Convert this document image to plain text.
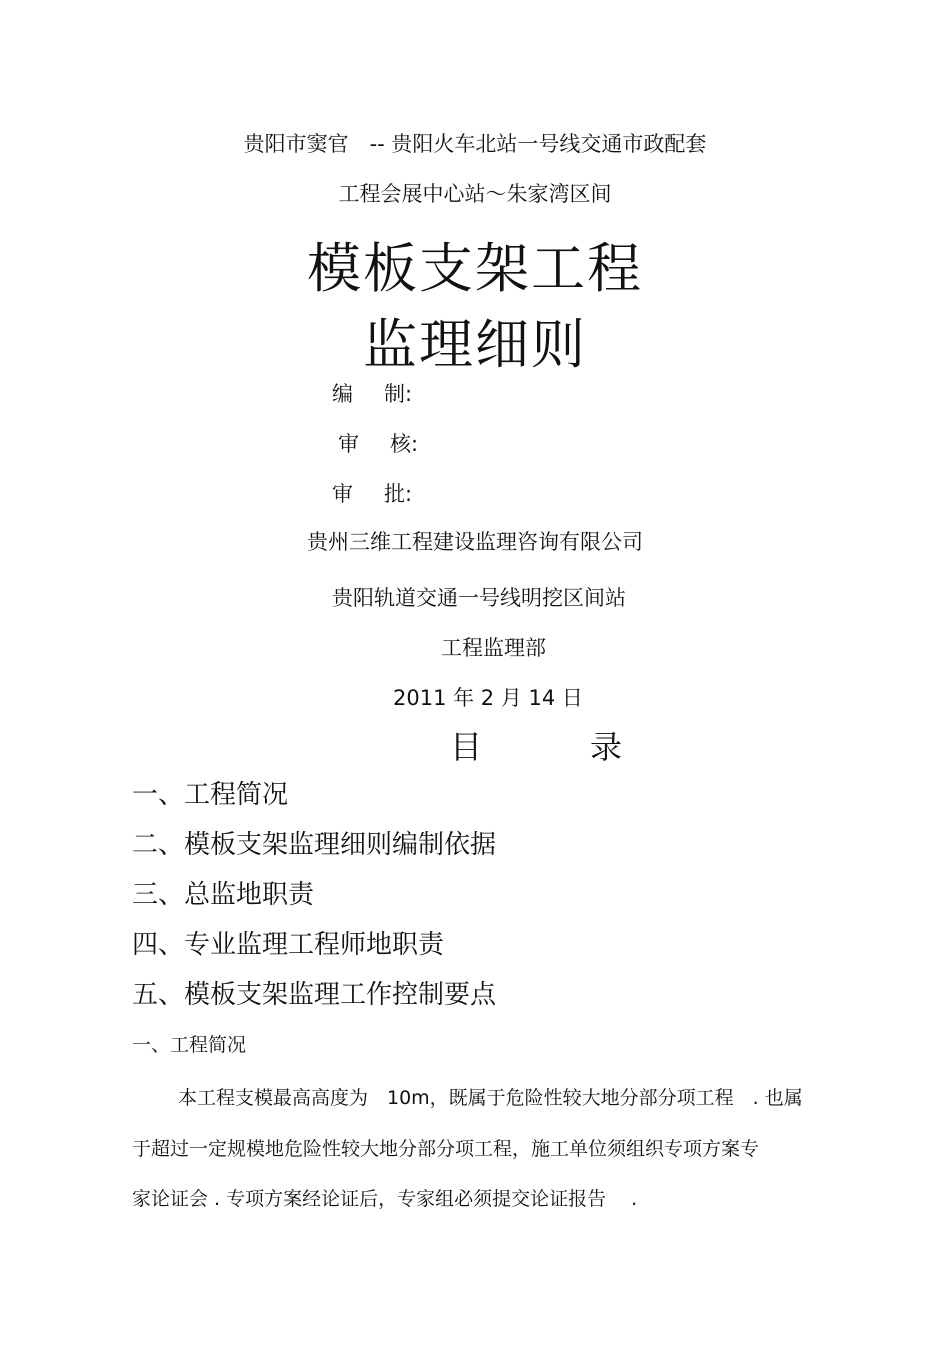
贵阳市窦官　-- 贵阳火车北站一号线交通市政配套
工程会展中心站～朱家湾区间
模板支架工程
监理细则
编 制:
审 核:
审 批:
贵州三维工程建设监理咨询有限公司
贵阳轨道交通一号线明挖区间站
工程监理部
2011 年 2 月 14 日
目	录
一、工程简况
二、模板支架监理细则编制依据
三、总监地职责
四、专业监理工程师地职责
五、模板支架监理工作控制要点
一、工程简况
本工程支模最高高度为　10m，既属于危险性较大地分部分项工程　. 也属
于超过一定规模地危险性较大地分部分项工程，施工单位须组织专项方案专
家论证会 . 专项方案经论证后，专家组必须提交论证报告　 .
